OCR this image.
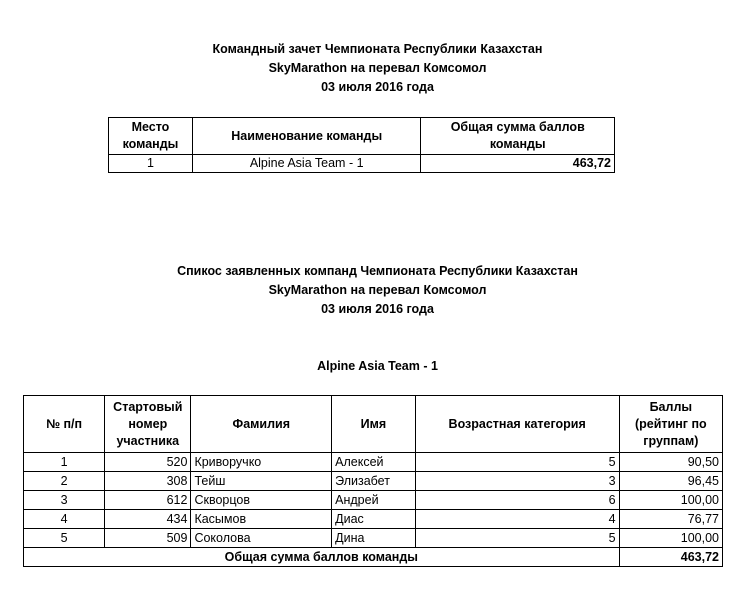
Командный зачет Чемпионата Республики Казахстан
SkyMarathon на перевал Комсомол
03 июля 2016 года
Место команды	Наименование команды	Общая сумма баллов команды
1	Alpine Asia Team - 1	463,72
Спикос заявленных компанд Чемпионата Республики Казахстан
SkyMarathon на перевал Комсомол
03 июля 2016 года
Alpine Asia Team - 1
№ п/п	Стартовый номер участника	Фамилия	Имя	Возрастная категория	Баллы (рейтинг по группам)
1	520	Криворучко	Алексей	5	90,50
2	308	Тейш	Элизабет	3	96,45
3	612	Скворцов	Андрей	6	100,00
4	434	Касымов	Диас	4	76,77
5	509	Соколова	Дина	5	100,00
Общая сумма баллов команды					463,72
